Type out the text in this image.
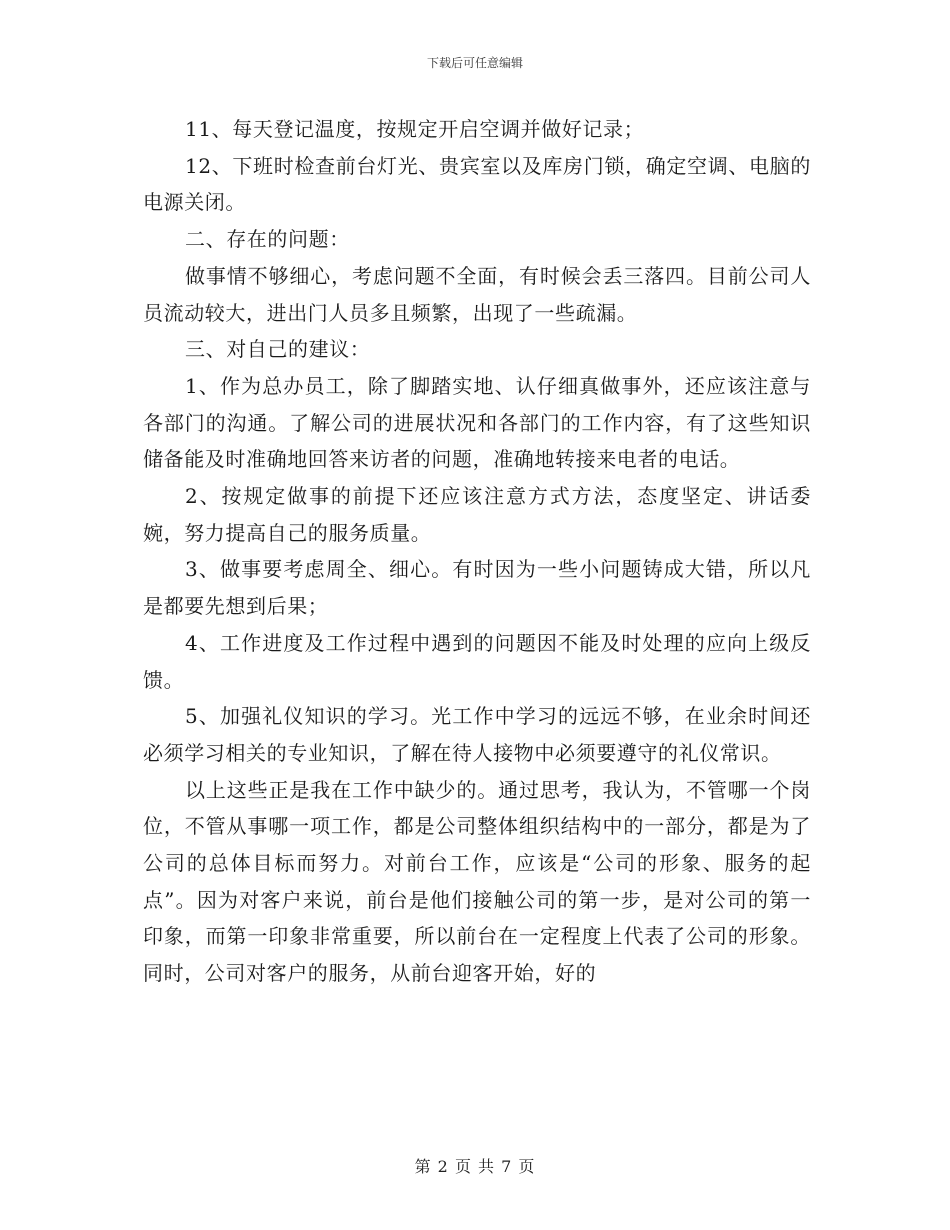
下载后可任意编辑

11、每天登记温度，按规定开启空调并做好记录；

12、下班时检查前台灯光、贵宾室以及库房门锁，确定空调、电脑的电源关闭。

二、存在的问题：

做事情不够细心，考虑问题不全面，有时候会丢三落四。目前公司人员流动较大，进出门人员多且频繁，出现了一些疏漏。

三、对自己的建议：

1、作为总办员工，除了脚踏实地、认仔细真做事外，还应该注意与各部门的沟通。了解公司的进展状况和各部门的工作内容，有了这些知识储备能及时准确地回答来访者的问题，准确地转接来电者的电话。

2、按规定做事的前提下还应该注意方式方法，态度坚定、讲话委婉，努力提高自己的服务质量。

3、做事要考虑周全、细心。有时因为一些小问题铸成大错，所以凡是都要先想到后果；

4、工作进度及工作过程中遇到的问题因不能及时处理的应向上级反馈。

5、加强礼仪知识的学习。光工作中学习的远远不够，在业余时间还必须学习相关的专业知识，了解在待人接物中必须要遵守的礼仪常识。

以上这些正是我在工作中缺少的。通过思考，我认为，不管哪一个岗位，不管从事哪一项工作，都是公司整体组织结构中的一部分，都是为了公司的总体目标而努力。对前台工作，应该是“公司的形象、服务的起点”。因为对客户来说，前台是他们接触公司的第一步，是对公司的第一印象，而第一印象非常重要，所以前台在一定程度上代表了公司的形象。同时，公司对客户的服务，从前台迎客开始，好的

第 2 页 共 7 页
